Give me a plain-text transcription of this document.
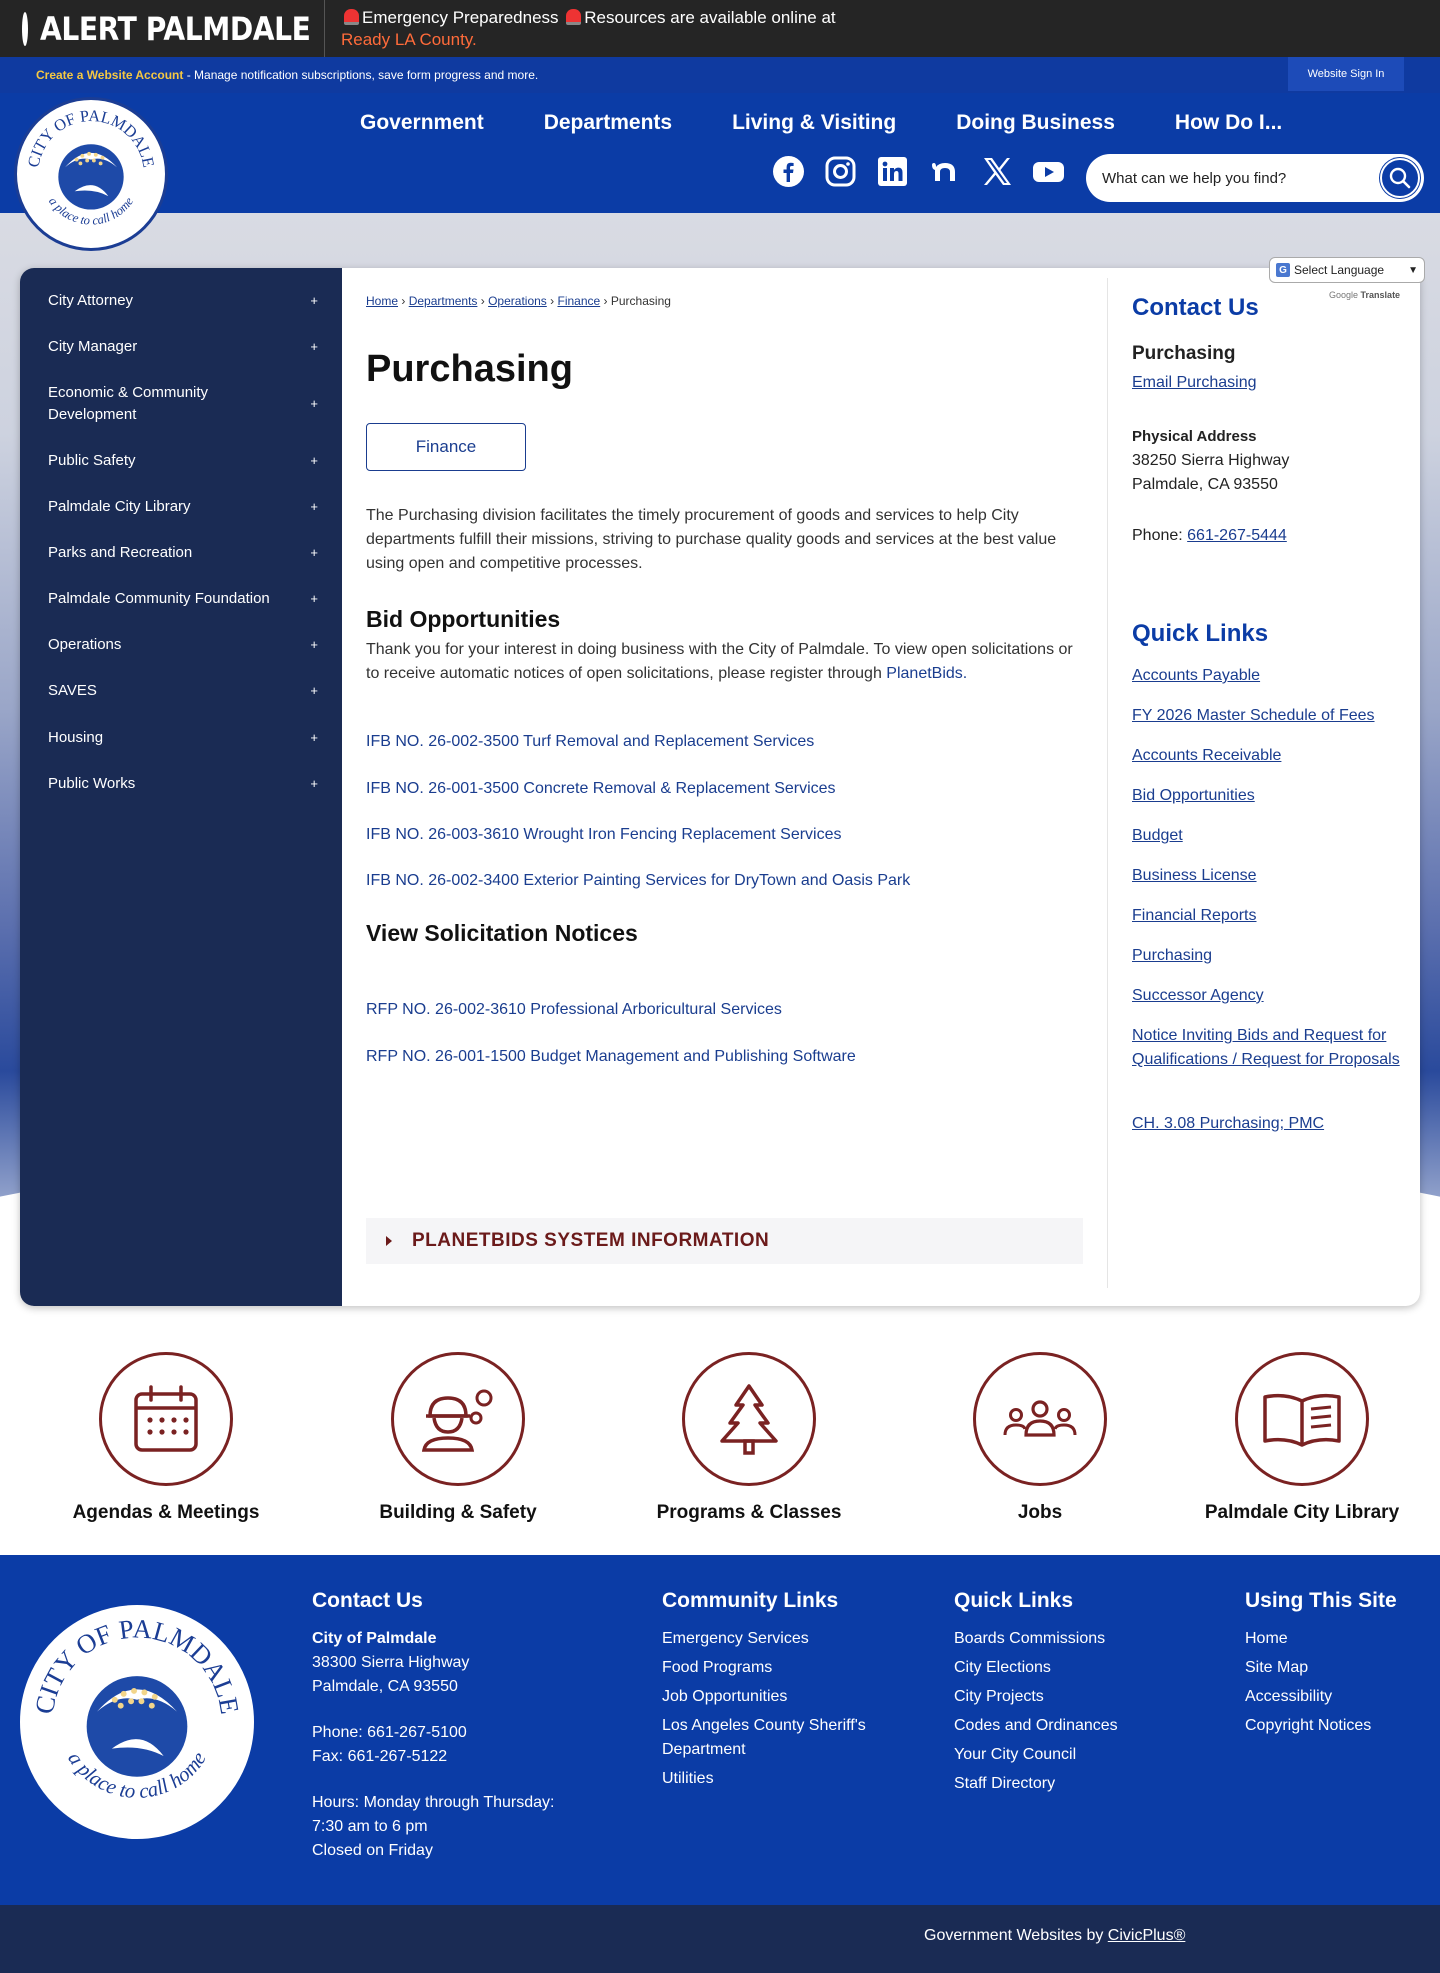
ALERT PALMDALE	Emergency Preparedness Resources are available online at
Ready LA County.
Create a Website Account - Manage notification subscriptions, save form progress and more.	Website Sign In
CITY OF PALMDALE
a place to call home
Government	Departments	Living & Visiting	Doing Business	How Do I...
What can we help you find?
City Attorney	+
City Manager	+
Economic & Community Development
+
Public Safety	+
Palmdale City Library	+
Parks and Recreation	+
Palmdale Community Foundation	+
Operations	+
SAVES	+
Housing	+
Public Works	+
Home › Departments › Operations › Finance › Purchasing
Purchasing
Finance

The Purchasing division facilitates the timely procurement of goods and services to help City departments fulfill their missions, striving to purchase quality goods and services at the best value using open and competitive processes.

Bid Opportunities

Thank you for your interest in doing business with the City of Palmdale. To view open solicitations or to receive automatic notices of open solicitations, please register through PlanetBids.

IFB NO. 26-002-3500 Turf Removal and Replacement Services
IFB NO. 26-001-3500 Concrete Removal & Replacement Services
IFB NO. 26-003-3610 Wrought Iron Fencing Replacement Services
IFB NO. 26-002-3400 Exterior Painting Services for DryTown and Oasis Park
View Solicitation Notices
RFP NO. 26-002-3610 Professional Arboricultural Services
RFP NO. 26-001-1500 Budget Management and Publishing Software
PLANETBIDS SYSTEM INFORMATION
Contact Us
Purchasing
Email Purchasing
Physical Address
38250 Sierra Highway
Palmdale, CA 93550
Phone: 661-267-5444
Quick Links
Accounts Payable
FY 2026 Master Schedule of Fees
Accounts Receivable
Bid Opportunities
Budget
Business License
Financial Reports
Purchasing
Successor Agency
Notice Inviting Bids and Request for Qualifications / Request for Proposals
CH. 3.08 Purchasing; PMC
G Select Language ▼
Google Translate
Agendas & Meetings	Building & Safety	Programs & Classes	Jobs	Palmdale City Library
CITY OF PALMDALE
a place to call home
Contact Us
City of Palmdale
38300 Sierra Highway
Palmdale, CA 93550
Phone: 661-267-5100
Fax: 661-267-5122
Hours: Monday through Thursday:
7:30 am to 6 pm
Closed on Friday
Community Links
Emergency Services
Food Programs
Job Opportunities
Los Angeles County Sheriff's Department
Utilities
Quick Links
Boards Commissions
City Elections
City Projects
Codes and Ordinances
Your City Council
Staff Directory
Using This Site
Home
Site Map
Accessibility
Copyright Notices
Government Websites by CivicPlus®
